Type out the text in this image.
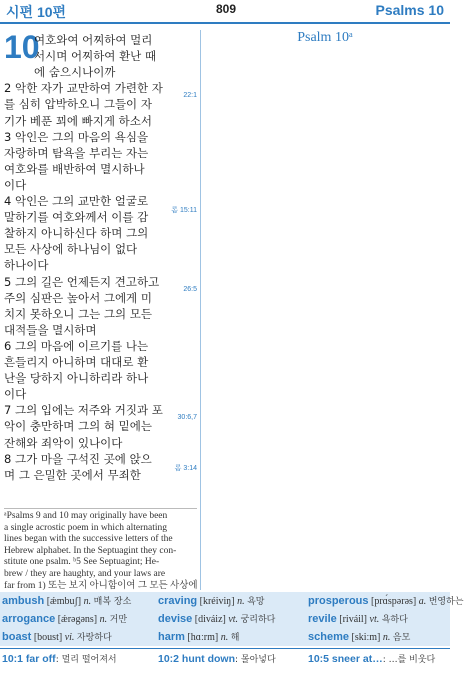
시편 10편	809	Psalms 10
10
여호와여 어찌하여 멀리
서시며 어찌하여 환난 때
에 숨으시나이까
2 악한 자가 교만하여 가련한 자
를 심히 압박하오니 그들이 자
기가 베푼 꾀에 빠지게 하소서
3 악인은 그의 마음의 욕심을
자랑하며 탐욕을 부리는 자는
여호와를 배반하여 멸시하나
이다
4 악인은 그의 교만한 얼굴로
말하기를 여호와께서 이를 감
찰하지 아니하신다 하며 그의
모든 사상에 하나님이 없다
하나이다
5 그의 길은 언제든지 견고하고
주의 심판은 높아서 그에게 미
치지 못하오니 그는 그의 모든
대적들을 멸시하며
6 그의 마음에 이르기를 나는
흔들리지 아니하며 대대로 환
난을 당하지 아니하리라 하나
이다
7 그의 입에는 저주와 거짓과 포
악이 충만하며 그의 혀 밑에는
잔해와 죄악이 있나이다
8 그가 마을 구석진 곳에 앉으
며 그 은밀한 곳에서 무죄한
22:1
롬 15:11
26:5
30:6,7
롬 3:14
ᵃPsalms 9 and 10 may originally have been
a single acrostic poem in which alternating
lines began with the successive letters of the
Hebrew alphabet. In the Septuagint they con-
stitute one psalm. ᵇ5 See Septuagint; He-
brew / they are haughty, and your laws are
far from 1) 또는 보지 아니함이여 그 모든 사상에
Psalm 10ᵃ
ambush [ǽmbuʃ] n. 매복 장소 craving [kréiviŋ] n. 욕망	prosperous [prɑ́spərəs] a. 번영하는
arrogance [ǽrəgəns] n. 거만	devise [diváiz] vt. 궁리하다	revile [riváil] vt. 욕하다
boast [boust] vi. 자랑하다	harm [hɑːrm] n. 해	scheme [skiːm] n. 음모
10:1 far off: 멀리 떨어져서	10:2 hunt down: 몰아넣다	10:5 sneer at…: …를 비웃다
